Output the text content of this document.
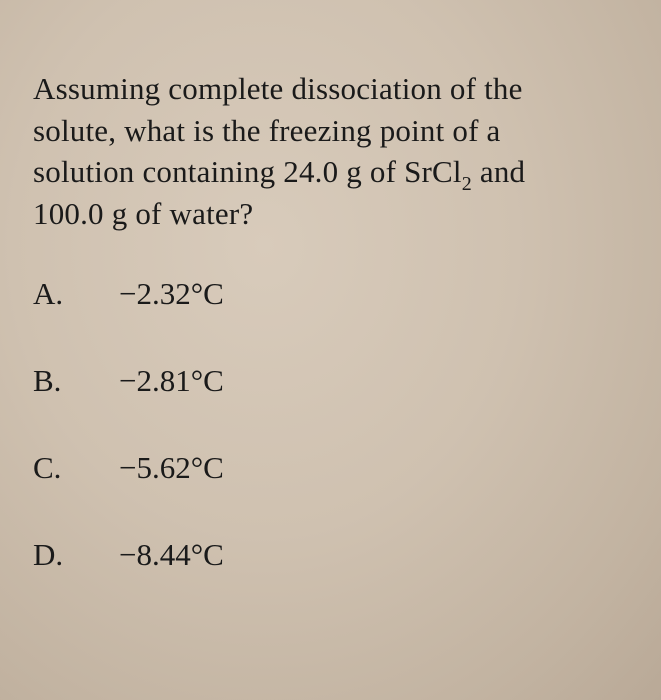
Assuming complete dissociation of the
solute, what is the freezing point of a
solution containing 24.0 g of SrCl$_2$ and
100.0 g of water?
A. −2.32°C
B. −2.81°C
C. −5.62°C
D. −8.44°C
